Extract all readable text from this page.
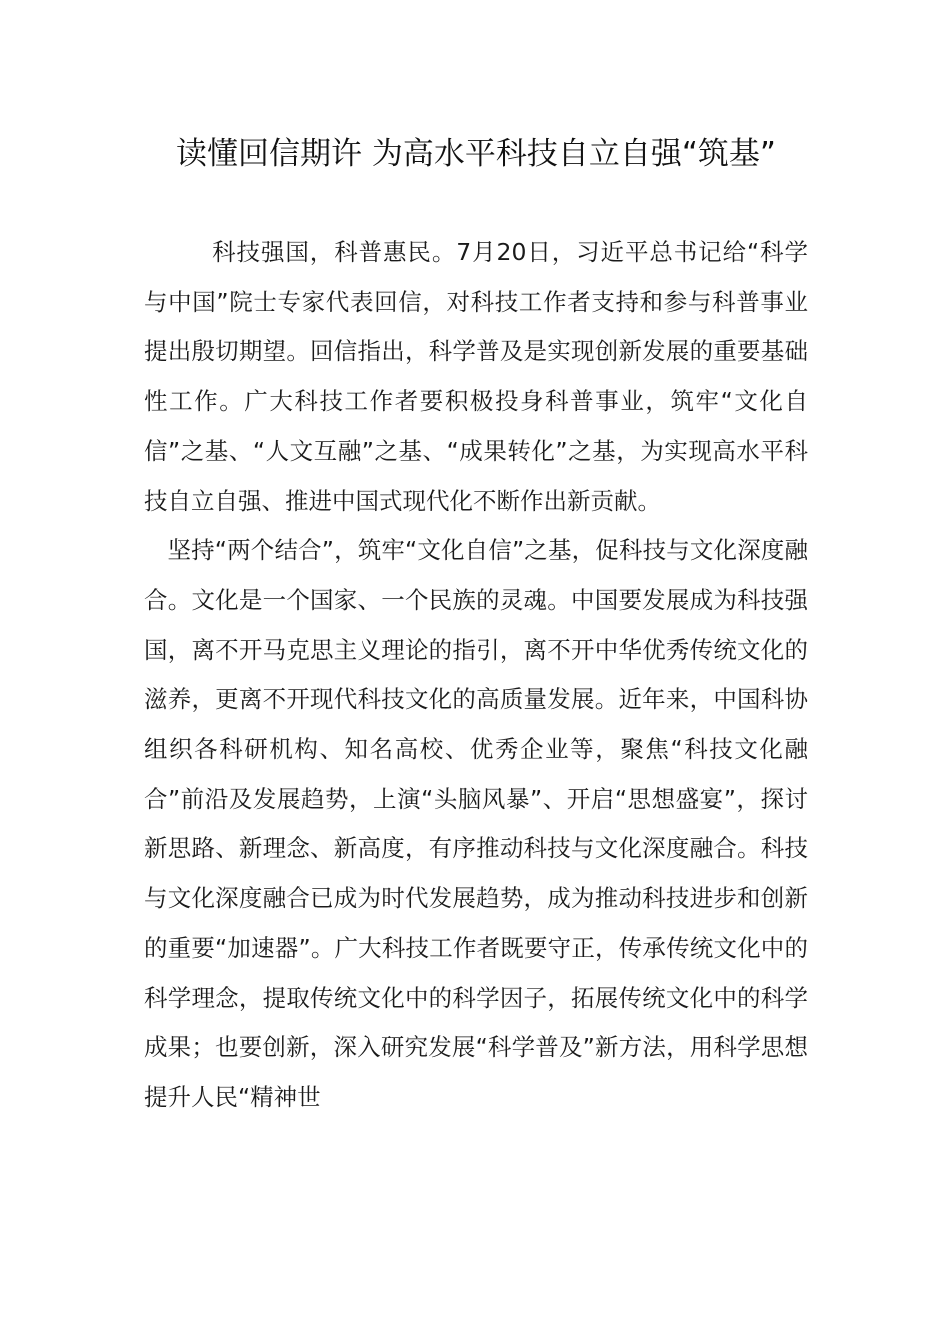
读懂回信期许 为高水平科技自立自强“筑基”

科技强国，科普惠民。7月20日，习近平总书记给“科学与中国”院士专家代表回信，对科技工作者支持和参与科普事业提出殷切期望。回信指出，科学普及是实现创新发展的重要基础性工作。广大科技工作者要积极投身科普事业，筑牢“文化自信”之基、“人文互融”之基、“成果转化”之基，为实现高水平科技自立自强、推进中国式现代化不断作出新贡献。

坚持“两个结合”，筑牢“文化自信”之基，促科技与文化深度融合。文化是一个国家、一个民族的灵魂。中国要发展成为科技强国，离不开马克思主义理论的指引，离不开中华优秀传统文化的滋养，更离不开现代科技文化的高质量发展。近年来，中国科协组织各科研机构、知名高校、优秀企业等，聚焦“科技文化融合”前沿及发展趋势，上演“头脑风暴”、开启“思想盛宴”，探讨新思路、新理念、新高度，有序推动科技与文化深度融合。科技与文化深度融合已成为时代发展趋势，成为推动科技进步和创新的重要“加速器”。广大科技工作者既要守正，传承传统文化中的科学理念，提取传统文化中的科学因子，拓展传统文化中的科学成果；也要创新，深入研究发展“科学普及”新方法，用科学思想提升人民“精神世
